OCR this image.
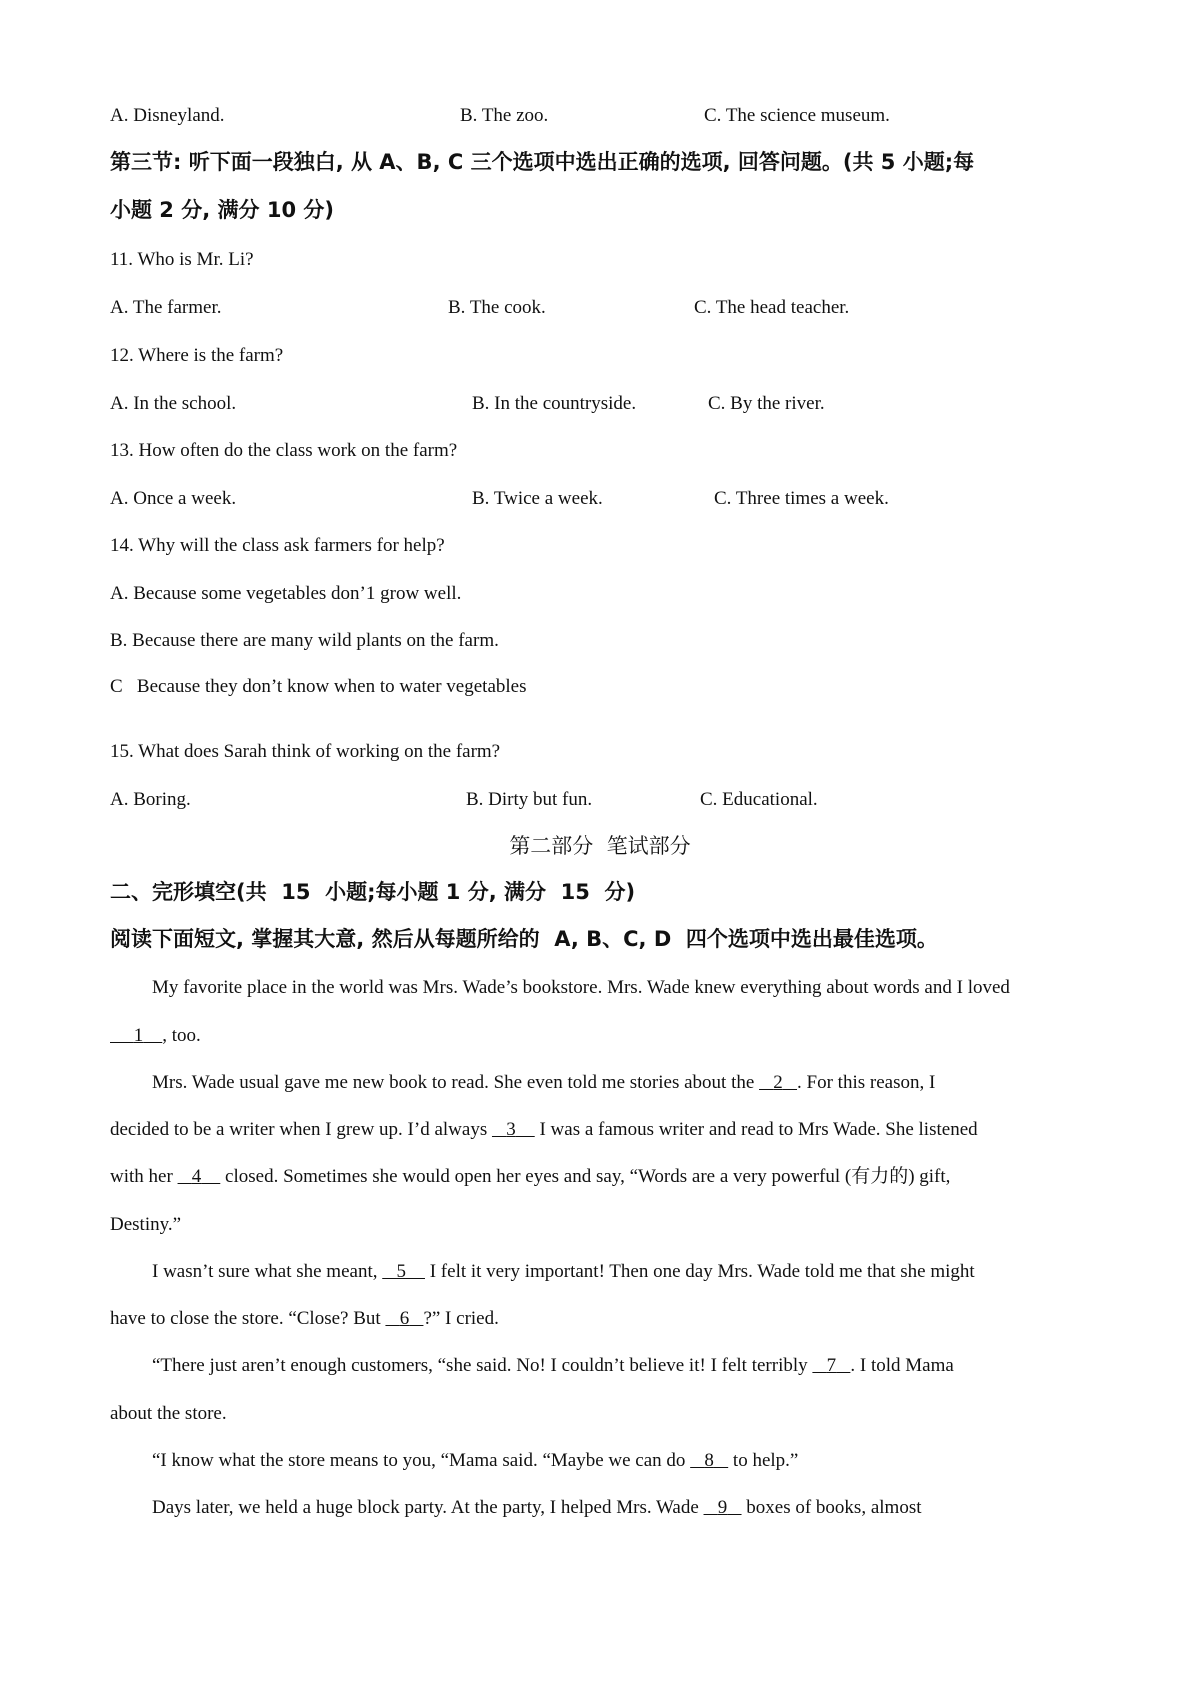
A. Disneyland.	B. The zoo.	C. The science museum.
第三节: 听下面一段独白, 从 A、B, C 三个选项中选出正确的选项, 回答问题。(共 5 小题;每
小题 2 分, 满分 10 分)
11. Who is Mr. Li?
A. The farmer.	B. The cook.	C. The head teacher.
12. Where is the farm?
A. In the school.	B. In the countryside.	C. By the river.
13. How often do the class work on the farm?
A. Once a week.	B. Twice a week.	C. Three times a week.
14. Why will the class ask farmers for help?
A. Because some vegetables don’1 grow well.
B. Because there are many wild plants on the farm.
C   Because they don’t know when to water vegetables
15. What does Sarah think of working on the farm?
A. Boring.	B. Dirty but fun.	C. Educational.
第二部分  笔试部分
二、完形填空(共  15  小题;每小题 1 分, 满分  15  分)
阅读下面短文, 掌握其大意, 然后从每题所给的  A, B、C, D  四个选项中选出最佳选项。
My favorite place in the world was Mrs. Wade’s bookstore. Mrs. Wade knew everything about words and I loved
1 , too.
Mrs. Wade usual gave me new book to read. She even told me stories about the    2 . For this reason, I
decided to be a writer when I grew up. I’d always    3     I was a famous writer and read to Mrs Wade. She listened
with her    4     closed. Sometimes she would open her eyes and say, “Words are a very powerful (有力的) gift,
Destiny.”
I wasn’t sure what she meant,    5     I felt it very important! Then one day Mrs. Wade told me that she might
have to close the store. “Close? But    6 ?” I cried.
“There just aren’t enough customers, “she said. No! I couldn’t believe it! I felt terribly    7 . I told Mama
about the store.
“I know what the store means to you, “Mama said. “Maybe we can do    8    to help.”
Days later, we held a huge block party. At the party, I helped Mrs. Wade    9    boxes of books, almost
